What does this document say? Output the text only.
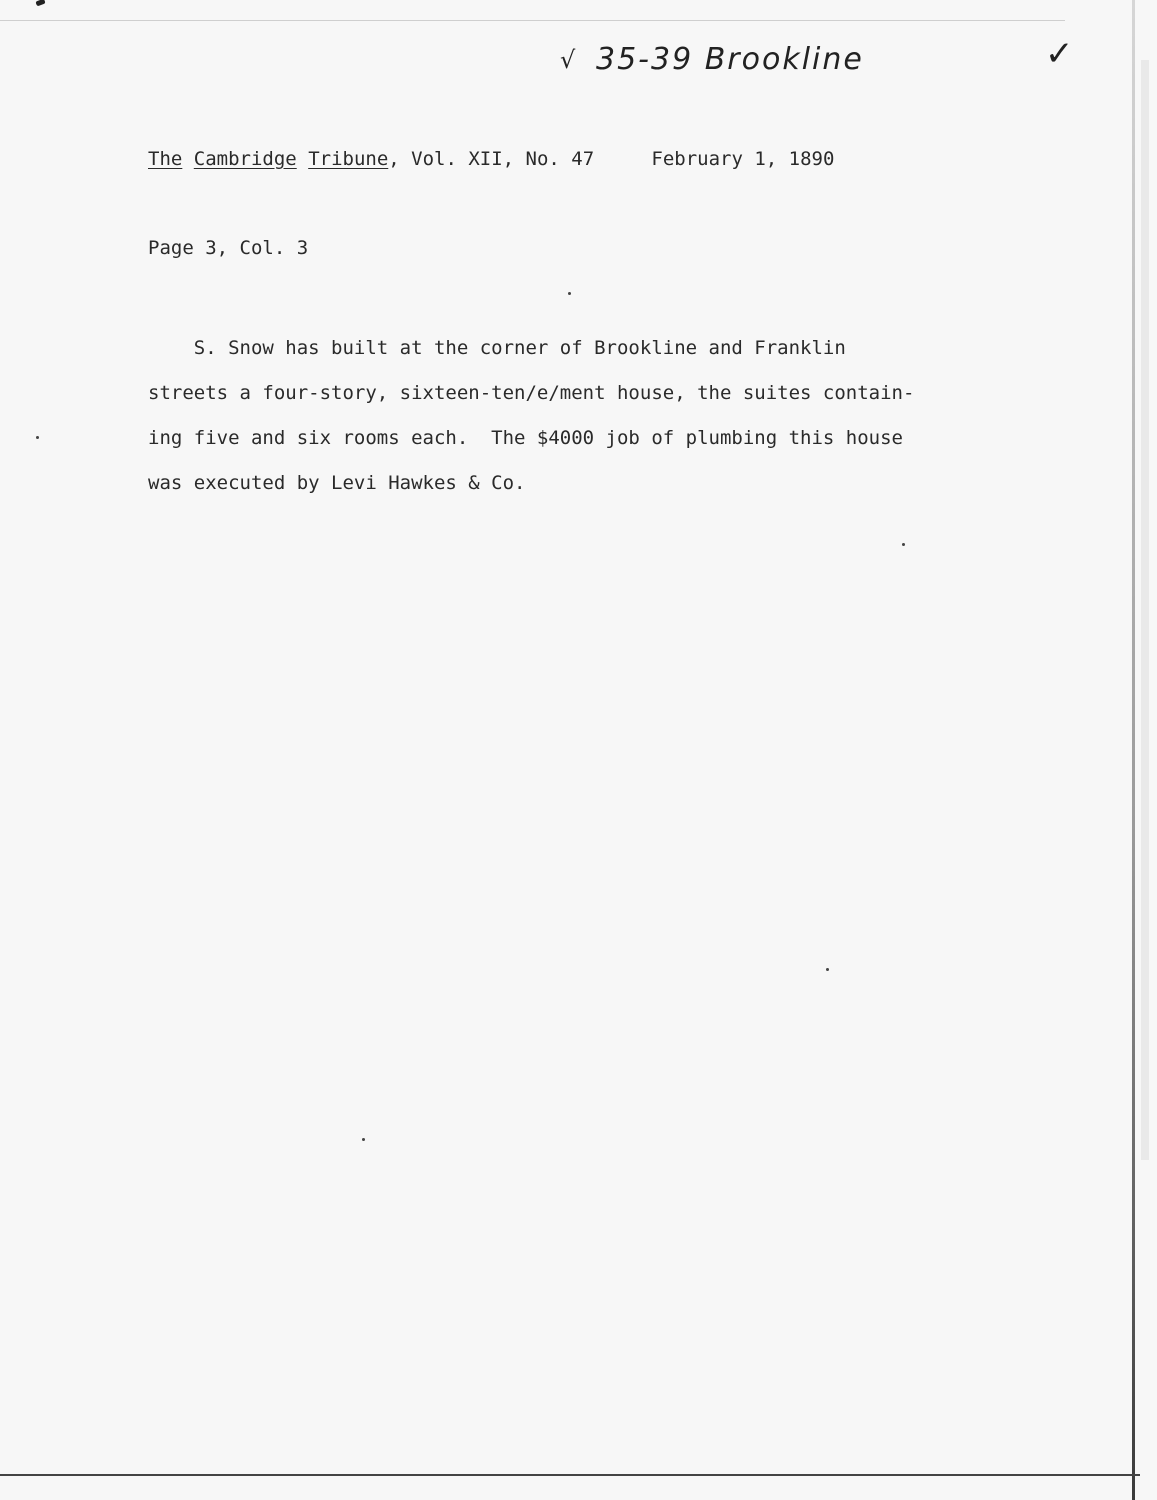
√ 35-39 Brookline	✓
The Cambridge Tribune, Vol. XII, No. 47	February 1, 1890
Page 3, Col. 3
S. Snow has built at the corner of Brookline and Franklin
streets a four-story, sixteen-ten/e/ment house, the suites contain-
ing five and six rooms each.  The $4000 job of plumbing this house
was executed by Levi Hawkes & Co.
